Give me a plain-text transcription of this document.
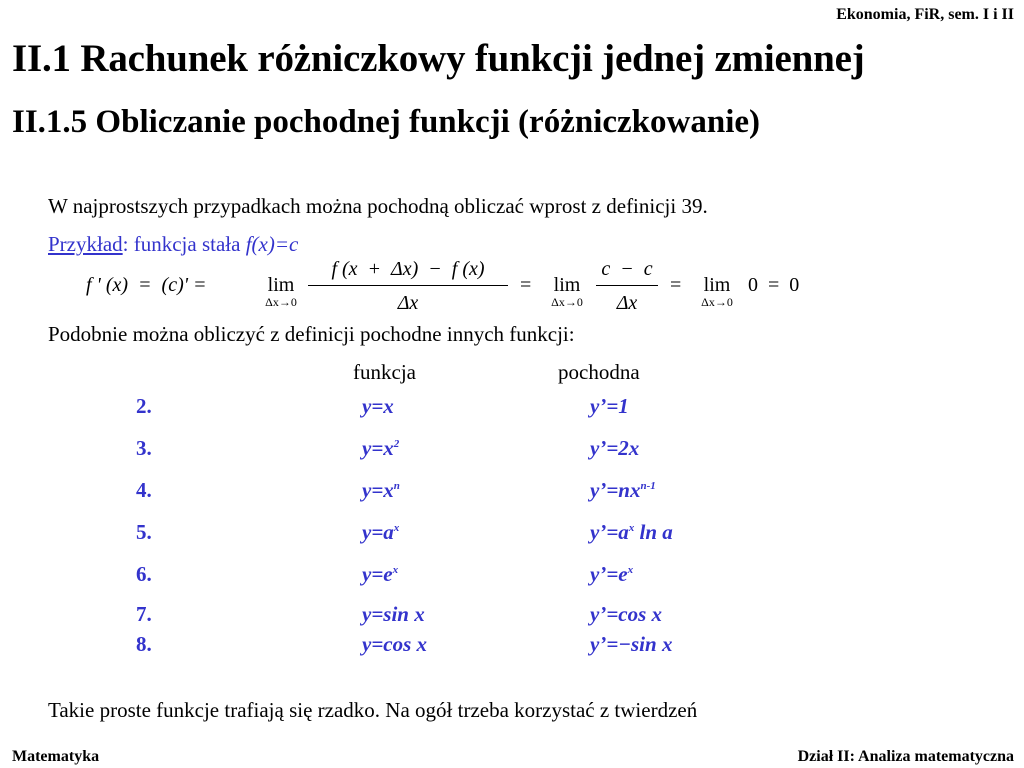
Ekonomia, FiR, sem. I i II
II.1 Rachunek różniczkowy funkcji jednej zmiennej
II.1.5 Obliczanie pochodnej funkcji (różniczkowanie)
W najprostszych przypadkach można pochodną obliczać wprost z definicji 39.
Przykład: funkcja stała f(x)=c
f ' (x)  =  (c)' =	lim
Δx→0
f (x  +  Δx)  −  f (x)
Δx
=	lim
Δx→0
c  −  c
Δx
=	lim
Δx→0
0  =  0
Podobnie można obliczyć z definicji pochodne innych funkcji:
funkcja	pochodna
2.	y=x	y’=1
3.	$y=x^2$	y’=2x
4.	$y=x^n$	$y’=nx^{n-1}$
5.	$y=a^x$	$y’=a^x$ ln a
6.	$y=e^x$	$y’=e^x$
7.	y=sin x	y’=cos x
8.	y=cos x	y’=−sin x
Takie proste funkcje trafiają się rzadko. Na ogół trzeba korzystać z twierdzeń
Matematyka	Dział II: Analiza matematyczna
